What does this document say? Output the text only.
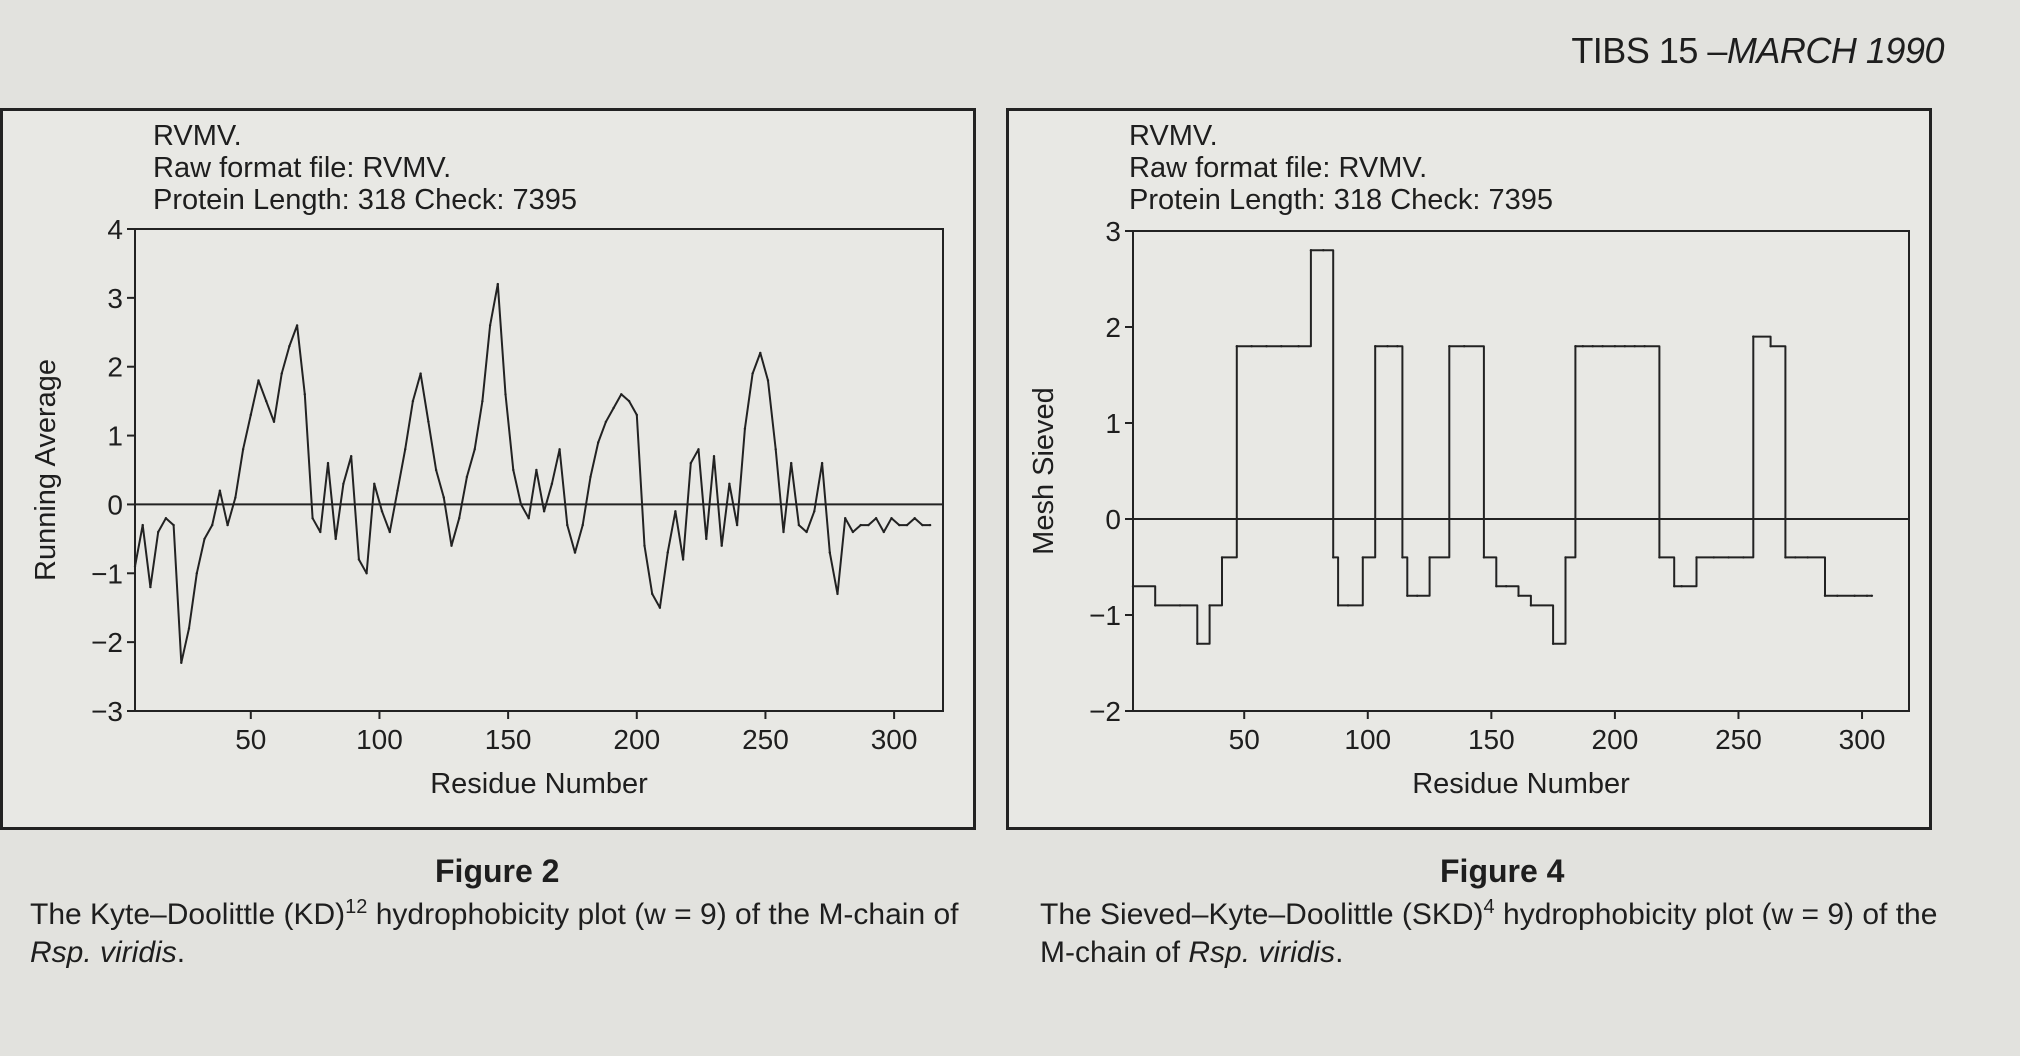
TIBS 15 –MARCH 1990
RVMV.
Raw format file: RVMV.
Protein Length: 318 Check: 7395
−3
−2
−1
0
1
2
3
4
50	100	150	200	250	300
Residue Number
Running Average
RVMV.
Raw format file: RVMV.
Protein Length: 318 Check: 7395
−2
−1
0
1
2
3
50	100	150	200	250	300
Residue Number
Mesh Sieved
Figure 2
The Kyte–Doolittle (KD)$^{12}$ hydrophobicity plot (w = 9) of the M-chain of Rsp. viridis.
Figure 4
The Sieved–Kyte–Doolittle (SKD)$^4$ hydrophobicity plot (w = 9) of the M-chain of Rsp. viridis.
